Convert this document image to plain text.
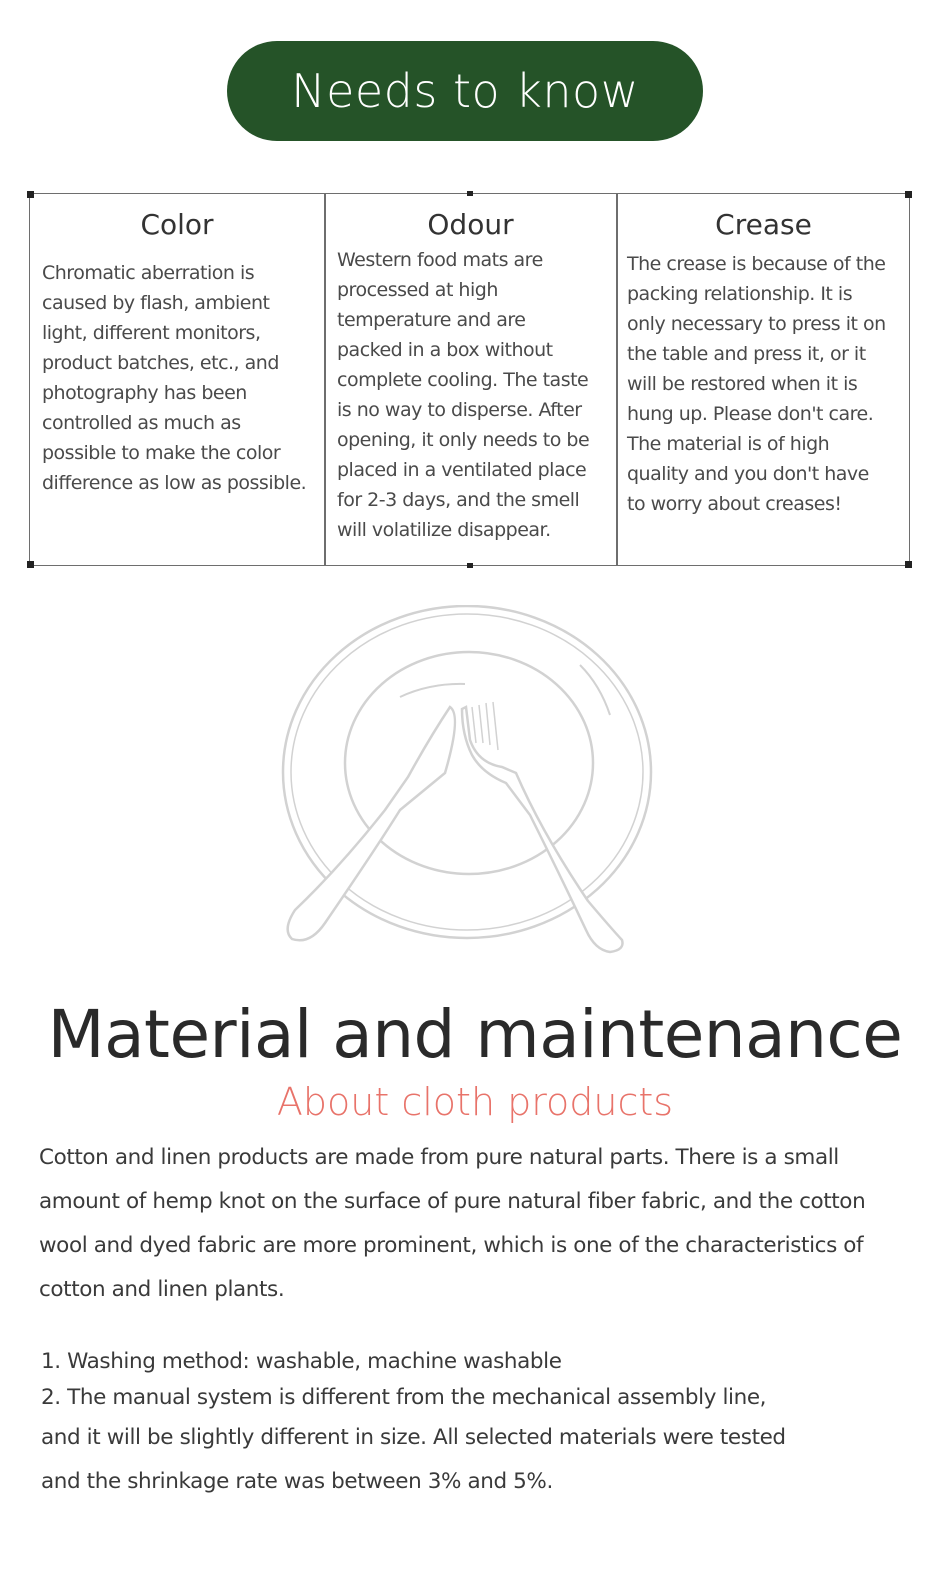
Needs to know
Color

Chromatic aberration is
caused by flash, ambient
light, different monitors,
product batches, etc., and
photography has been
controlled as much as
possible to make the color
difference as low as possible.

Odour

Western food mats are
processed at high
temperature and are
packed in a box without
complete cooling. The taste
is no way to disperse. After
opening, it only needs to be
placed in a ventilated place
for 2-3 days, and the smell
will volatilize disappear.

Crease

The crease is because of the
packing relationship. It is
only necessary to press it on
the table and press it, or it
will be restored when it is
hung up. Please don't care.
The material is of high
quality and you don't have
to worry about creases!

Material and maintenance
About cloth products

Cotton and linen products are made from pure natural parts. There is a small
amount of hemp knot on the surface of pure natural fiber fabric, and the cotton
wool and dyed fabric are more prominent, which is one of the characteristics of
cotton and linen plants.

1. Washing method: washable, machine washable
2. The manual system is different from the mechanical assembly line,
and it will be slightly different in size. All selected materials were tested
and the shrinkage rate was between 3% and 5%.
